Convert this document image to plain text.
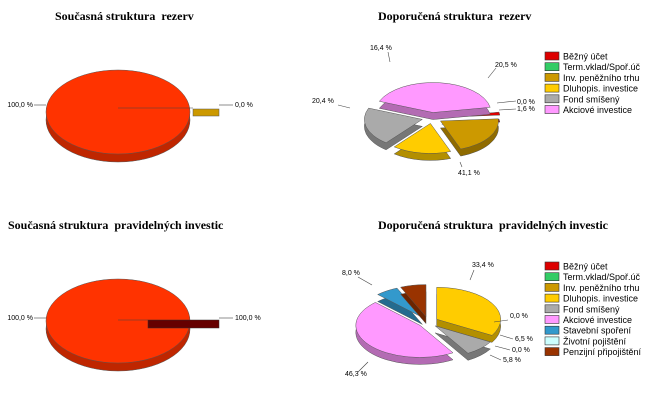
Současná struktura  rezerv	Doporučená struktura  rezerv
Současná struktura  pravidelných investic	Doporučená struktura  pravidelných investic
100,0 %	0,0 %
100,0 %	100,0 %
16,4 %
20,5 %
20,4 %	0,0 %
1,6 %
41,1 %
33,4 %
8,0 %
0,0 %
6,5 %
0,0 %
5,8 %
46,3 %
Běžný účet
Term.vklad/Spoř.úč
Inv. peněžního trhu
Dluhopis. investice
Fond smíšený
Akciové investice
Běžný účet
Term.vklad/Spoř.úč
Inv. peněžního trhu
Dluhopis. investice
Fond smíšený
Akciové investice
Stavební spoření
Životní pojištění
Penzijní připojištění
